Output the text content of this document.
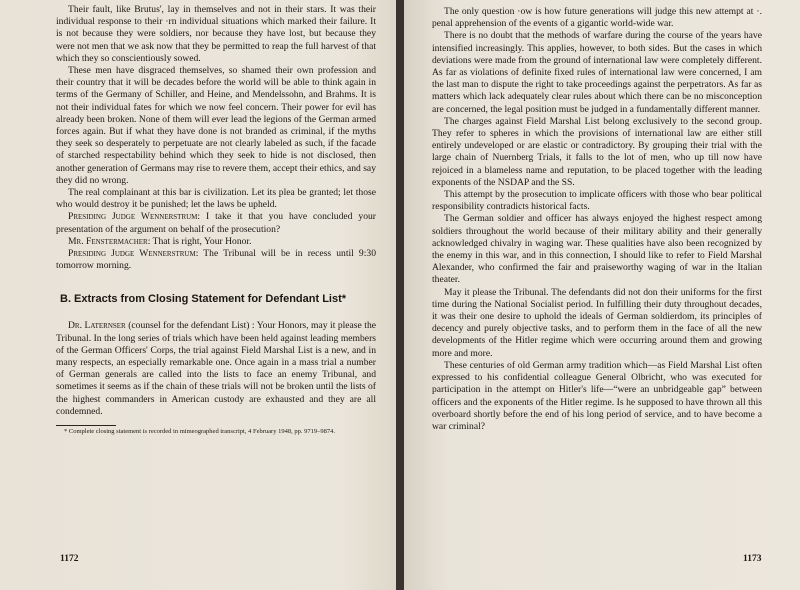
Their fault, like Brutus', lay in themselves and not in their stars. It was their individual response to their ·rn individual situations which marked their failure. It is not because they were soldiers, nor because they have lost, but because they were not men that we ask now that they be permitted to reap the full harvest of that which they so conscientiously sowed.

These men have disgraced themselves, so shamed their own profession and their country that it will be decades before the world will be able to think again in terms of the Germany of Schiller, and Heine, and Mendelssohn, and Brahms. It is not their individual fates for which we now feel concern. Their power for evil has already been broken. None of them will ever lead the legions of the German armed forces again. But if what they have done is not branded as criminal, if the myths they seek so desperately to perpetuate are not clearly labeled as such, if the facade of starched respectability behind which they seek to hide is not disclosed, then another generation of Germans may rise to revere them, accept their ethics, and say they did no wrong.

The real complainant at this bar is civilization. Let its plea be granted; let those who would destroy it be punished; let the laws be upheld.

Presiding Judge Wennerstrum: I take it that you have concluded your presentation of the argument on behalf of the prosecution?

Mr. Fenstermacher: That is right, Your Honor.

Presiding Judge Wennerstrum: The Tribunal will be in recess until 9:30 tomorrow morning.

B. Extracts from Closing Statement for Defendant List*

Dr. Laternser (counsel for the defendant List) : Your Honors, may it please the Tribunal. In the long series of trials which have been held against leading members of the German Officers' Corps, the trial against Field Marshal List is a new, and in many respects, an especially remarkable one. Once again in a mass trial a number of German generals are called into the lists to face an enemy Tribunal, and sometimes it seems as if the chain of these trials will not be broken until the lists of the highest commanders in American custody are exhausted and they are all condemned.

* Complete closing statement is recorded in mimeographed transcript, 4 February 1948, pp. 9719–9874.

1172

The only question ·ow is how future generations will judge this new attempt at ·. penal apprehension of the events of a gigantic world-wide war.

There is no doubt that the methods of warfare during the course of the years have intensified increasingly. This applies, however, to both sides. But the cases in which deviations were made from the ground of international law were completely different. As far as violations of definite fixed rules of international law were concerned, I am the last man to dispute the right to take proceedings against the perpetrators. As far as matters which lack adequately clear rules about which there can be no misconception are concerned, the legal position must be judged in a fundamentally different manner.

The charges against Field Marshal List belong exclusively to the second group. They refer to spheres in which the provisions of international law are either still entirely undeveloped or are elastic or contradictory. By grouping their trial with the large chain of Nuernberg Trials, it falls to the lot of men, who up till now have rejoiced in a blameless name and reputation, to be placed together with the leading exponents of the NSDAP and the SS.

This attempt by the prosecution to implicate officers with those who bear political responsibility contradicts historical facts.

The German soldier and officer has always enjoyed the highest respect among soldiers throughout the world because of their military ability and their generally acknowledged chivalry in waging war. These qualities have also been recognized by the enemy in this war, and in this connection, I should like to refer to Field Marshal Alexander, who confirmed the fair and praiseworthy waging of war in the Italian theater.

May it please the Tribunal. The defendants did not don their uniforms for the first time during the National Socialist period. In fulfilling their duty throughout decades, it was their one desire to uphold the ideals of German soldierdom, its principles of decency and purely objective tasks, and to perform them in the face of all the new developments of the Hitler regime which were occurring around them and growing more and more.

These centuries of old German army tradition which—as Field Marshal List often expressed to his confidential colleague General Olbricht, who was executed for participation in the attempt on Hitler's life—“were an unbridgeable gap” between officers and the exponents of the Hitler regime. Is he supposed to have thrown all this overboard shortly before the end of his long period of service, and to have become a war criminal?

1173
